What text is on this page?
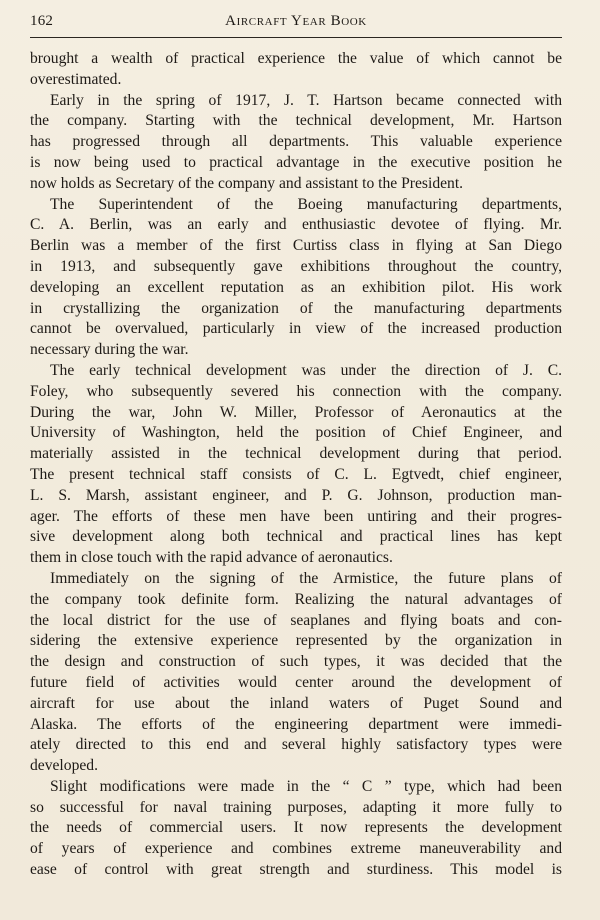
162	Aircraft Year Book
brought a wealth of practical experience the value of which cannot be
overestimated.
Early in the spring of 1917, J. T. Hartson became connected with
the company. Starting with the technical development, Mr. Hartson
has progressed through all departments. This valuable experience
is now being used to practical advantage in the executive position he
now holds as Secretary of the company and assistant to the President.
The Superintendent of the Boeing manufacturing departments,
C. A. Berlin, was an early and enthusiastic devotee of flying. Mr.
Berlin was a member of the first Curtiss class in flying at San Diego
in 1913, and subsequently gave exhibitions throughout the country,
developing an excellent reputation as an exhibition pilot. His work
in crystallizing the organization of the manufacturing departments
cannot be overvalued, particularly in view of the increased production
necessary during the war.
The early technical development was under the direction of J. C.
Foley, who subsequently severed his connection with the company.
During the war, John W. Miller, Professor of Aeronautics at the
University of Washington, held the position of Chief Engineer, and
materially assisted in the technical development during that period.
The present technical staff consists of C. L. Egtvedt, chief engineer,
L. S. Marsh, assistant engineer, and P. G. Johnson, production man-
ager. The efforts of these men have been untiring and their progres-
sive development along both technical and practical lines has kept
them in close touch with the rapid advance of aeronautics.
Immediately on the signing of the Armistice, the future plans of
the company took definite form. Realizing the natural advantages of
the local district for the use of seaplanes and flying boats and con-
sidering the extensive experience represented by the organization in
the design and construction of such types, it was decided that the
future field of activities would center around the development of
aircraft for use about the inland waters of Puget Sound and
Alaska. The efforts of the engineering department were immedi-
ately directed to this end and several highly satisfactory types were
developed.
Slight modifications were made in the “ C ” type, which had been
so successful for naval training purposes, adapting it more fully to
the needs of commercial users. It now represents the development
of years of experience and combines extreme maneuverability and
ease of control with great strength and sturdiness. This model is
